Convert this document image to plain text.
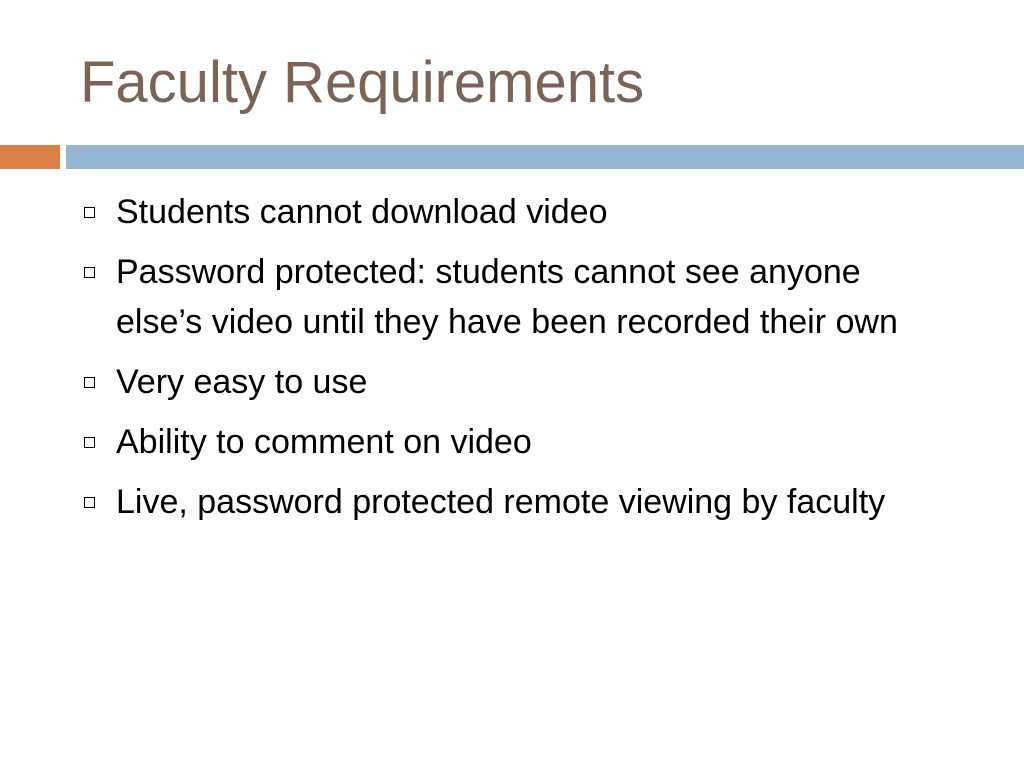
Faculty Requirements
Students cannot download video
Password protected: students cannot see anyone else’s video until they have been recorded their own
Very easy to use
Ability to comment on video
Live, password protected remote viewing by faculty
